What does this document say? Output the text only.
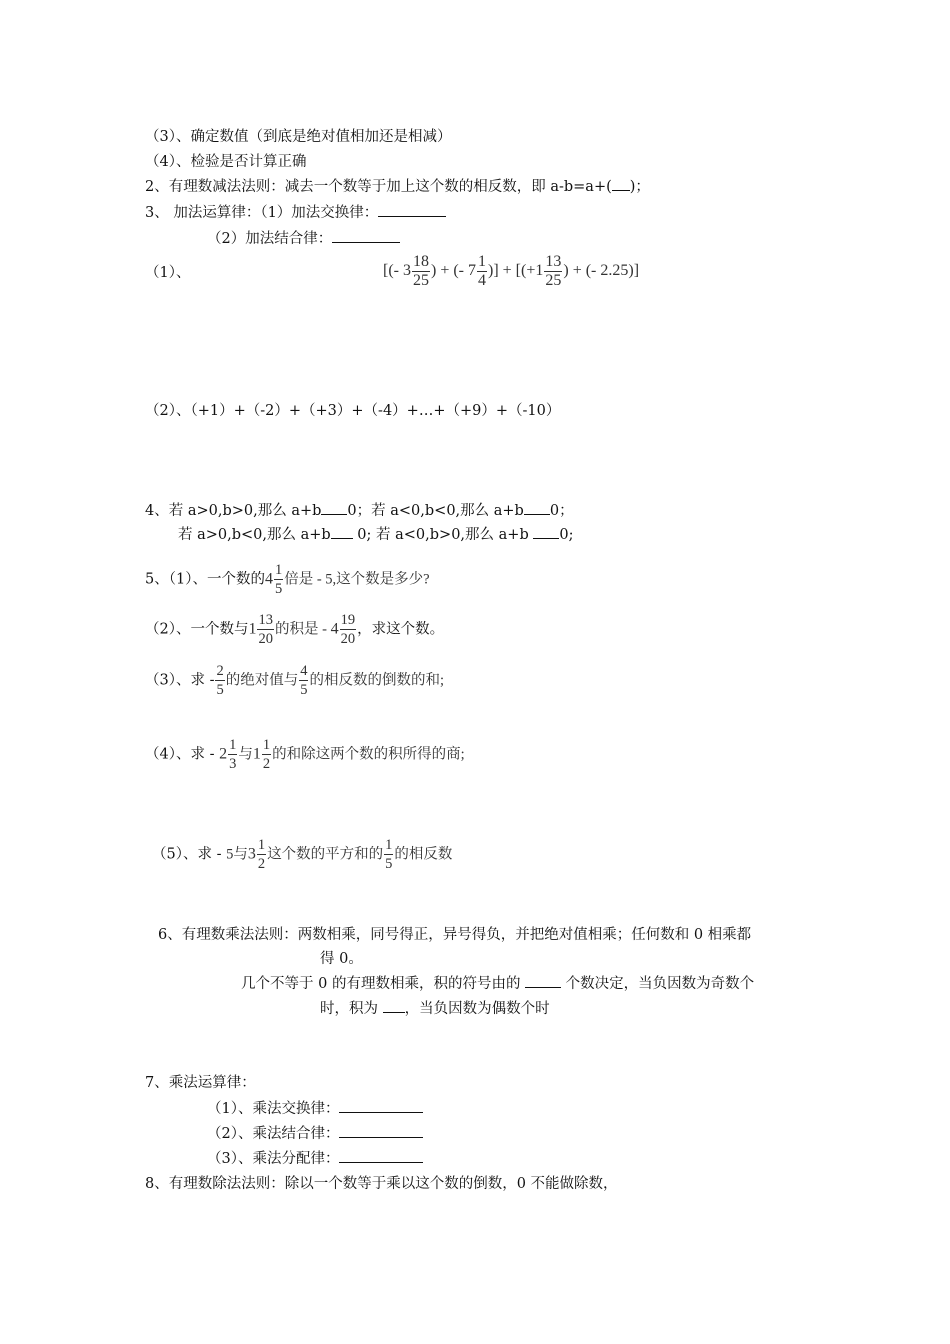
（3）、确定数值（到底是绝对值相加还是相减）
（4）、检验是否计算正确
2、有理数减法法则：减去一个数等于加上这个数的相反数，即 a-b=a+( )；
3、 加法运算律：（1）加法交换律：
（2）加法结合律：
（1）、	[(- $3 \frac{18}{25}$ ) + (- $7 \frac{1}{4}$ )] + [($+1 \frac{13}{25}$ ) + (- 2.25)]
（2）、（+1）+（-2）+（+3）+（-4）+…+（+9）+（-10）
4、若 a>0,b>0,那么 a+b 0；若 a<0,b<0,那么 a+b 0；
若 a>0,b<0,那么 a+b 0; 若 a<0,b>0,那么 a+b 0;
5、（1）、一个数的$4 \frac{1}{5}$ 倍是 - 5,这个数是多少?
（2）、一个数与$1 \frac{13}{20}$ 的积是 - $4 \frac{19}{20}$ ，求这个数。
（3）、求 - $\frac{2}{5}$ 的绝对值与 $\frac{4}{5}$ 的相反数的倒数的和;
（4）、求 - $2 \frac{1}{3}$ 与$1 \frac{1}{2}$ 的和除这两个数的积所得的商;
（5）、求 - 5与$3 \frac{1}{2}$ 这个数的平方和的 $\frac{1}{5}$ 的相反数
6、有理数乘法法则：两数相乘，同号得正，异号得负，并把绝对值相乘；任何数和 0 相乘都
得 0。
几个不等于 0 的有理数相乘，积的符号由的  个数决定，当负因数为奇数个
时，积为 ，当负因数为偶数个时
7、乘法运算律：
（1）、乘法交换律：
（2）、乘法结合律：
（3）、乘法分配律：
8、有理数除法法则：除以一个数等于乘以这个数的倒数，0 不能做除数，
